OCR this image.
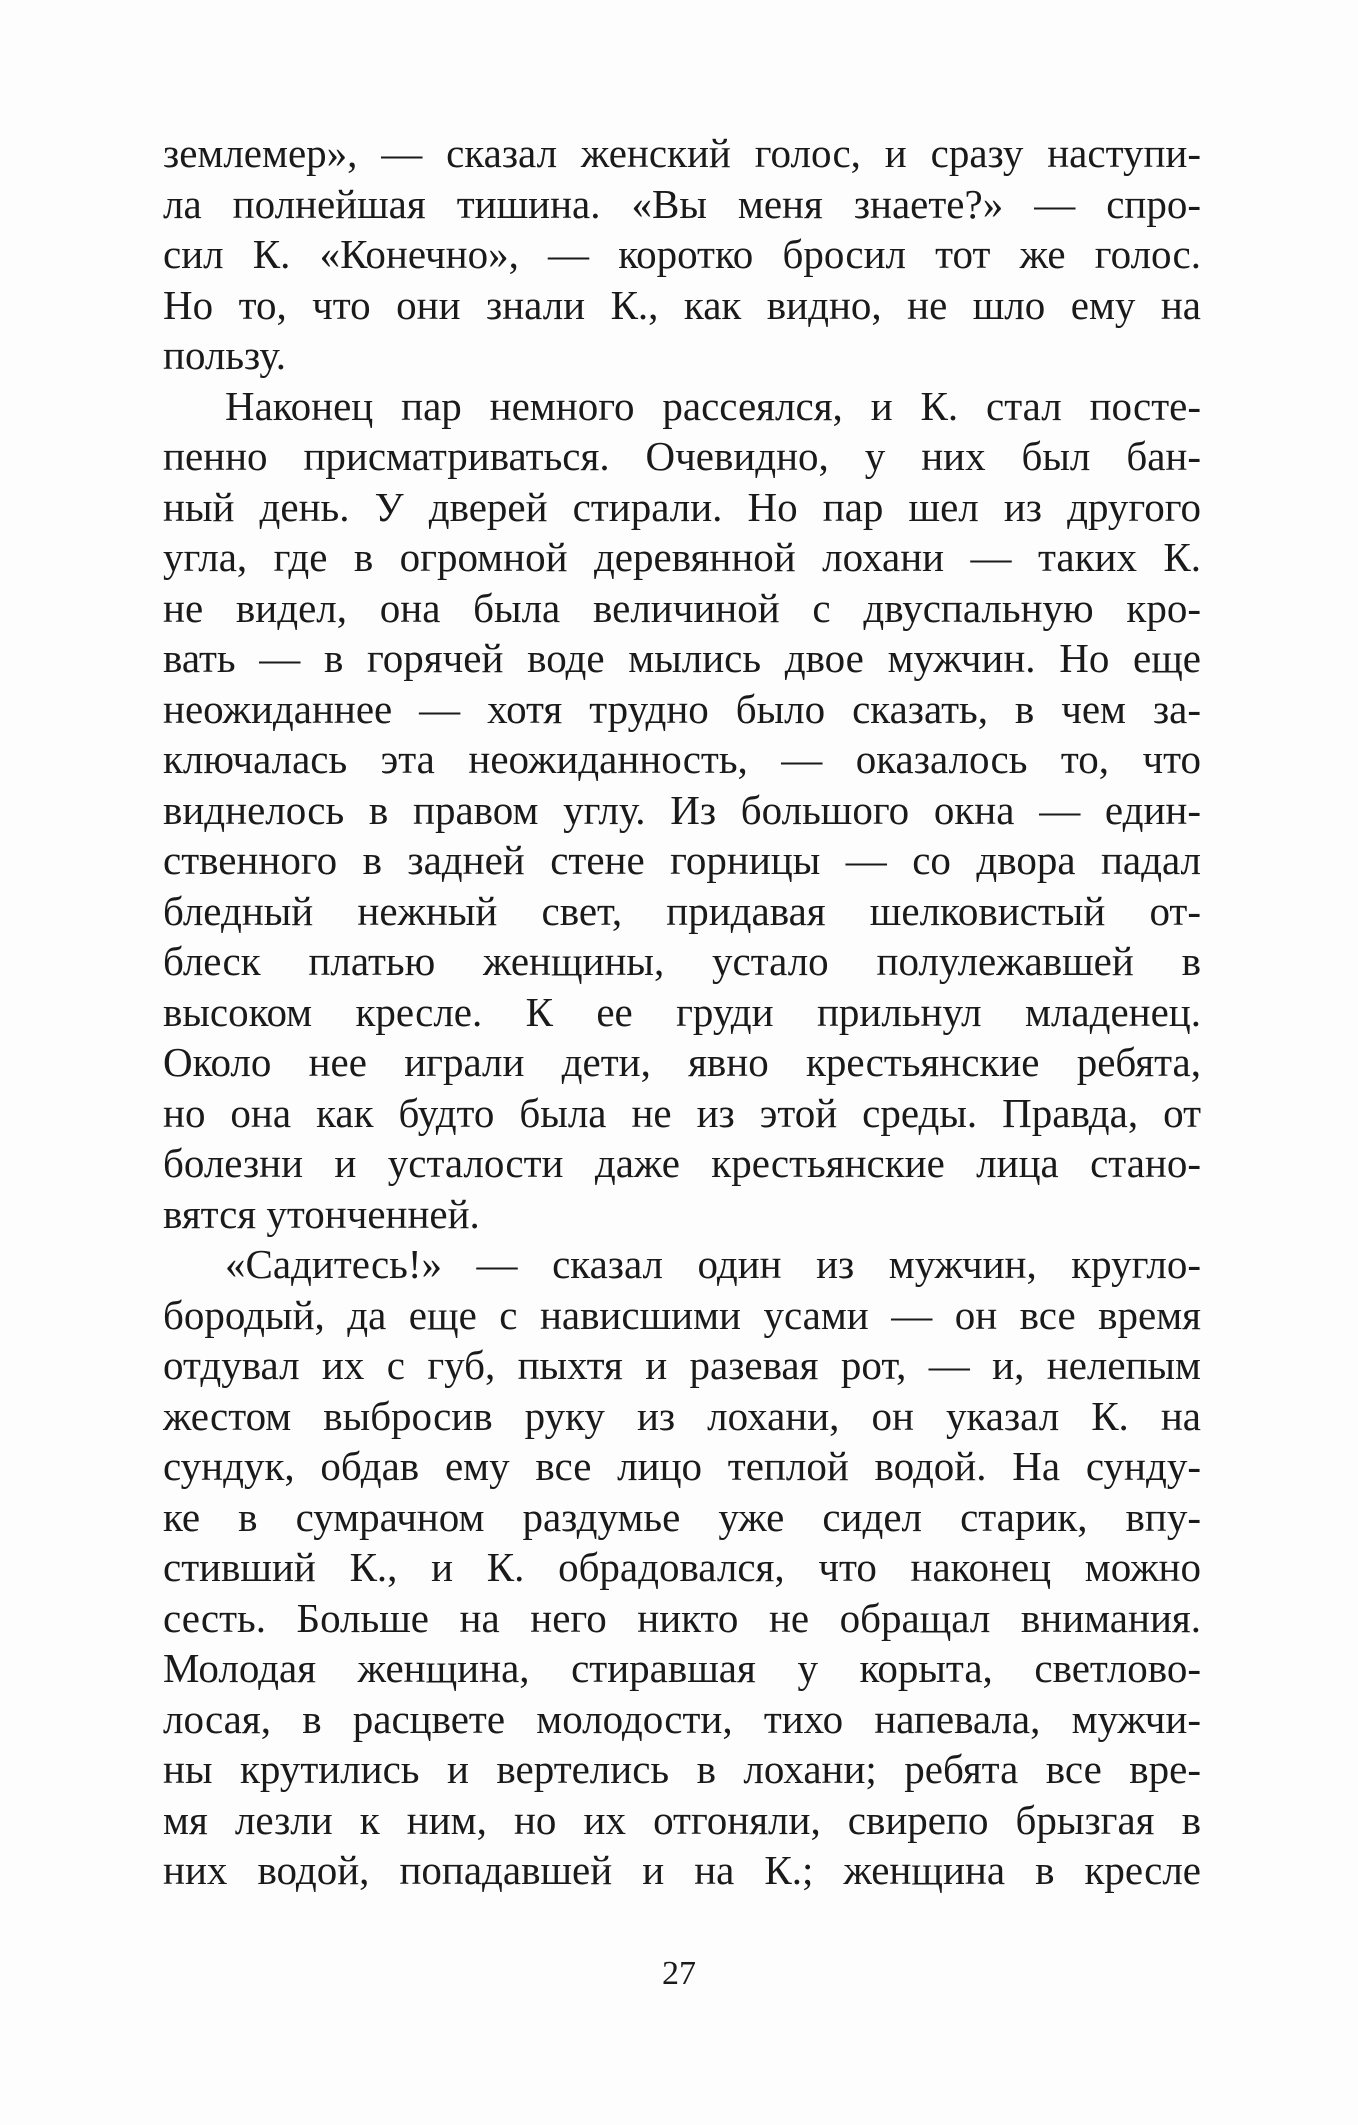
землемер», — сказал женский голос, и сразу наступи-
ла полнейшая тишина. «Вы меня знаете?» — спро-
сил К. «Конечно», — коротко бросил тот же голос.
Но то, что они знали К., как видно, не шло ему на
пользу.
Наконец пар немного рассеялся, и К. стал посте-
пенно присматриваться. Очевидно, у них был бан-
ный день. У дверей стирали. Но пар шел из другого
угла, где в огромной деревянной лохани — таких К.
не видел, она была величиной с двуспальную кро-
вать — в горячей воде мылись двое мужчин. Но еще
неожиданнее — хотя трудно было сказать, в чем за-
ключалась эта неожиданность, — оказалось то, что
виднелось в правом углу. Из большого окна — един-
ственного в задней стене горницы — со двора падал
бледный нежный свет, придавая шелковистый от-
блеск платью женщины, устало полулежавшей в
высоком кресле. К ее груди прильнул младенец.
Около нее играли дети, явно крестьянские ребята,
но она как будто была не из этой среды. Правда, от
болезни и усталости даже крестьянские лица стано-
вятся утонченней.
«Садитесь!» — сказал один из мужчин, кругло-
бородый, да еще с нависшими усами — он все время
отдувал их с губ, пыхтя и разевая рот, — и, нелепым
жестом выбросив руку из лохани, он указал К. на
сундук, обдав ему все лицо теплой водой. На сунду-
ке в сумрачном раздумье уже сидел старик, впу-
стивший К., и К. обрадовался, что наконец можно
сесть. Больше на него никто не обращал внимания.
Молодая женщина, стиравшая у корыта, светлово-
лосая, в расцвете молодости, тихо напевала, мужчи-
ны крутились и вертелись в лохани; ребята все вре-
мя лезли к ним, но их отгоняли, свирепо брызгая в
них водой, попадавшей и на К.; женщина в кресле
27
